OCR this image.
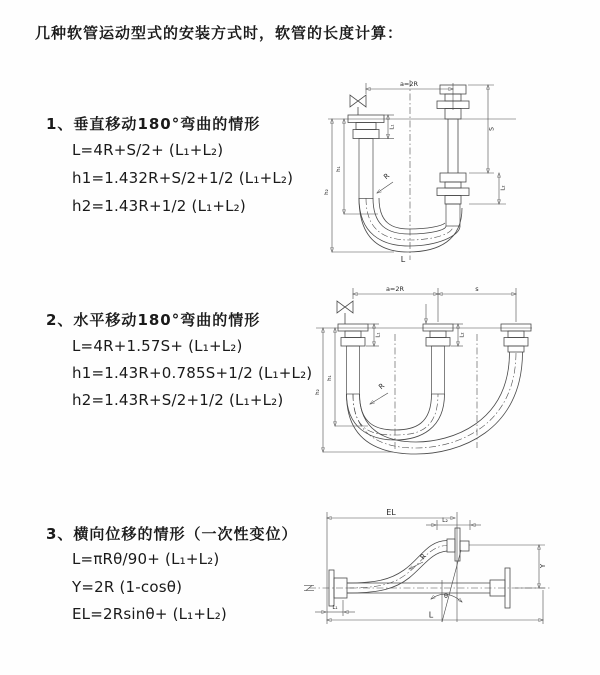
几种软管运动型式的安装方式时，软管的长度计算：
1、垂直移动180°弯曲的情形
L=4R+S/2+ (L₁+L₂)
h1=1.432R+S/2+1/2 (L₁+L₂)
h2=1.43R+1/2 (L₁+L₂)
a=2R
L₁	S
L₂
h₁
h₂
R
L
2、水平移动180°弯曲的情形
L=4R+1.57S+ (L₁+L₂)
h1=1.43R+0.785S+1/2 (L₁+L₂)
h2=1.43R+S/2+1/2 (L₁+L₂)
a=2R	s
L₁	L₂
h₁
h₂
R
3、横向位移的情形（一次性变位）
L=πRθ/90+ (L₁+L₂)
Y=2R (1-cosθ)
EL=2Rsinθ+ (L₁+L₂)
EL
L₂
Y
θ
R
L₁
L
